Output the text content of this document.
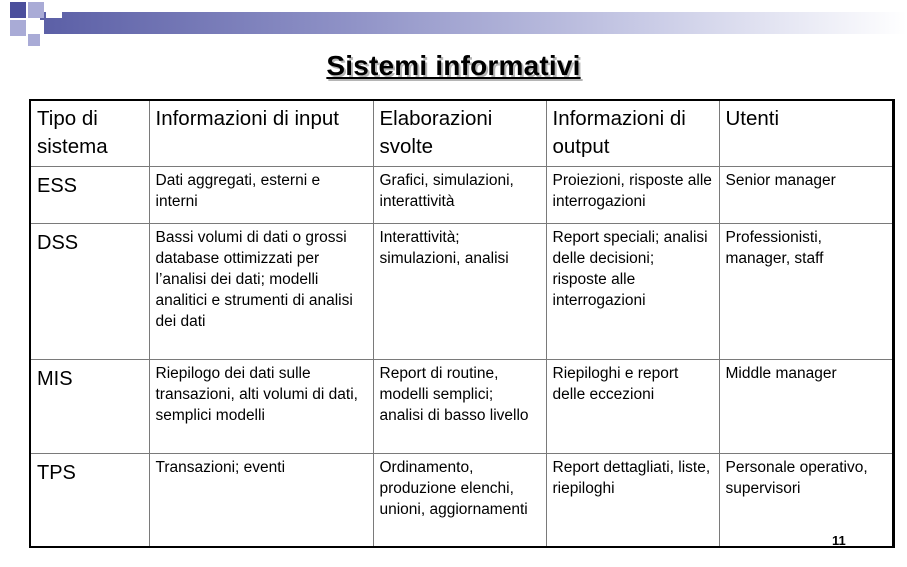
Sistemi informativi
Tipo di sistema	Informazioni di input	Elaborazioni svolte	Informazioni di output	Utenti
ESS	Dati aggregati, esterni e interni	Grafici, simulazioni, interattività	Proiezioni, risposte alle interrogazioni	Senior manager
DSS	Bassi volumi di dati o grossi database ottimizzati per l’analisi dei dati; modelli analitici e strumenti di analisi dei dati	Interattività; simulazioni, analisi	Report speciali; analisi delle decisioni; risposte alle interrogazioni	Professionisti, manager, staff
MIS	Riepilogo dei dati sulle transazioni, alti volumi di dati, semplici modelli	Report di routine, modelli semplici; analisi di basso livello	Riepiloghi e report delle eccezioni	Middle manager
TPS	Transazioni; eventi	Ordinamento, produzione elenchi, unioni, aggiornamenti	Report dettagliati, liste, riepiloghi	Personale operativo, supervisori
11
